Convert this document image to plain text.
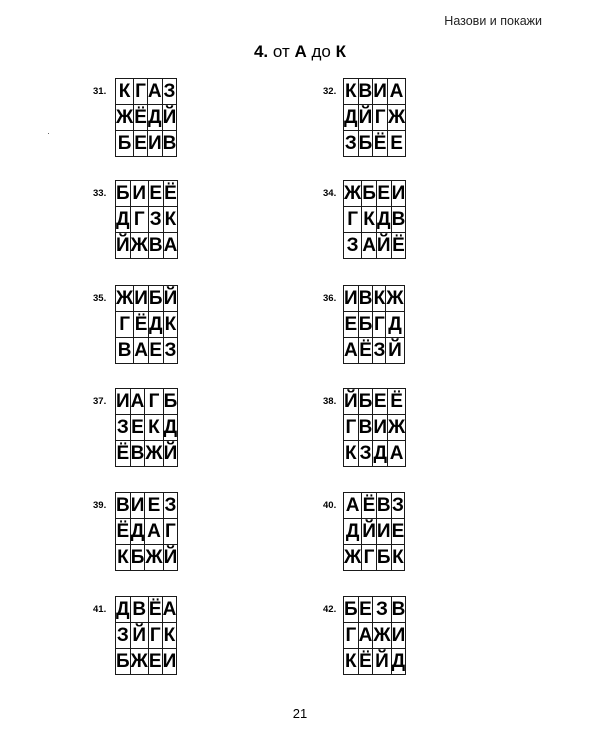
Назови и покажи
4. от А до К
31. К	Г	А	З
Ж	Ё	Д	Й
Б	Е	И	В
32. К	В	И	А
Д	Й	Г	Ж
З	Б	Ё	Е
33. Б	И	Е	Ё
Д	Г	З	К
Й	Ж	В	А
34. Ж	Б	Е	И
Г	К	Д	В
З	А	Й	Ё
35. Ж	И	Б	Й
Г	Ё	Д	К
В	А	Е	З
36. И	В	К	Ж
Е	Б	Г	Д
А	Ё	З	Й
37. И	А	Г	Б
З	Е	К	Д
Ё	В	Ж	Й
38. Й	Б	Е	Ё
Г	В	И	Ж
К	З	Д	А
39. В	И	Е	З
Ё	Д	А	Г
К	Б	Ж	Й
40. А	Ё	В	З
Д	Й	И	Е
Ж	Г	Б	К
41. Д	В	Ё	А
З	Й	Г	К
Б	Ж	Е	И
42. Б	Е	З	В
Г	А	Ж	И
К	Ё	Й	Д
21
